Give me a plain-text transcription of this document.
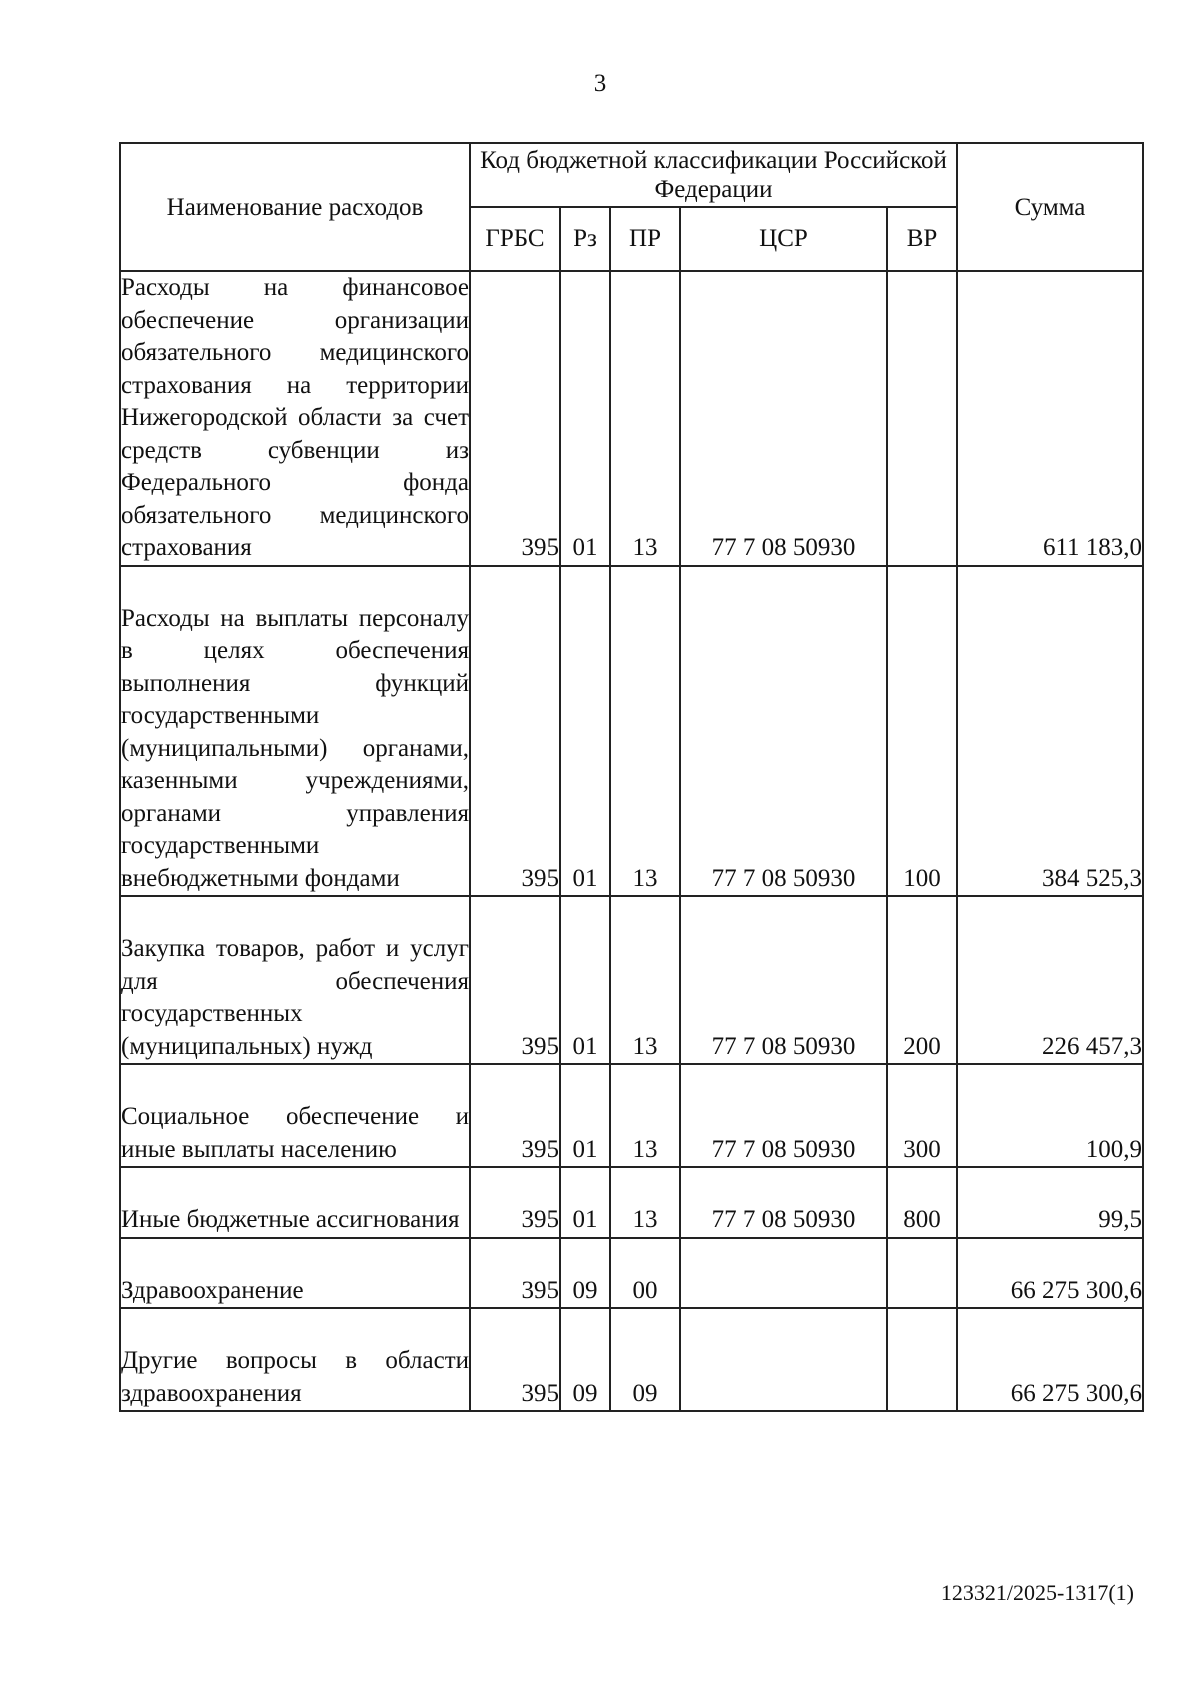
3
Наименование расходов	Код бюджетной классификации Российской Федерации					Сумма
	ГРБС	Рз	ПР	ЦСР	ВР	
Расходы на финансовое обеспечение организации обязательного медицинского страхования на территории Нижегородской области за счет средств субвенции из Федерального фонда обязательного медицинского страхования	395	01	13	77 7 08 50930		611 183,0
Расходы на выплаты персоналу в целях обеспечения выполнения функций государственными (муниципальными) органами, казенными учреждениями, органами управления государственными внебюджетными фондами	395	01	13	77 7 08 50930	100	384 525,3
Закупка товаров, работ и услуг для обеспечения государственных (муниципальных) нужд	395	01	13	77 7 08 50930	200	226 457,3
Социальное обеспечение и иные выплаты населению	395	01	13	77 7 08 50930	300	100,9
Иные бюджетные ассигнования	395	01	13	77 7 08 50930	800	99,5
Здравоохранение	395	09	00			66 275 300,6
Другие вопросы в области здравоохранения	395	09	09			66 275 300,6
123321/2025-1317(1)
